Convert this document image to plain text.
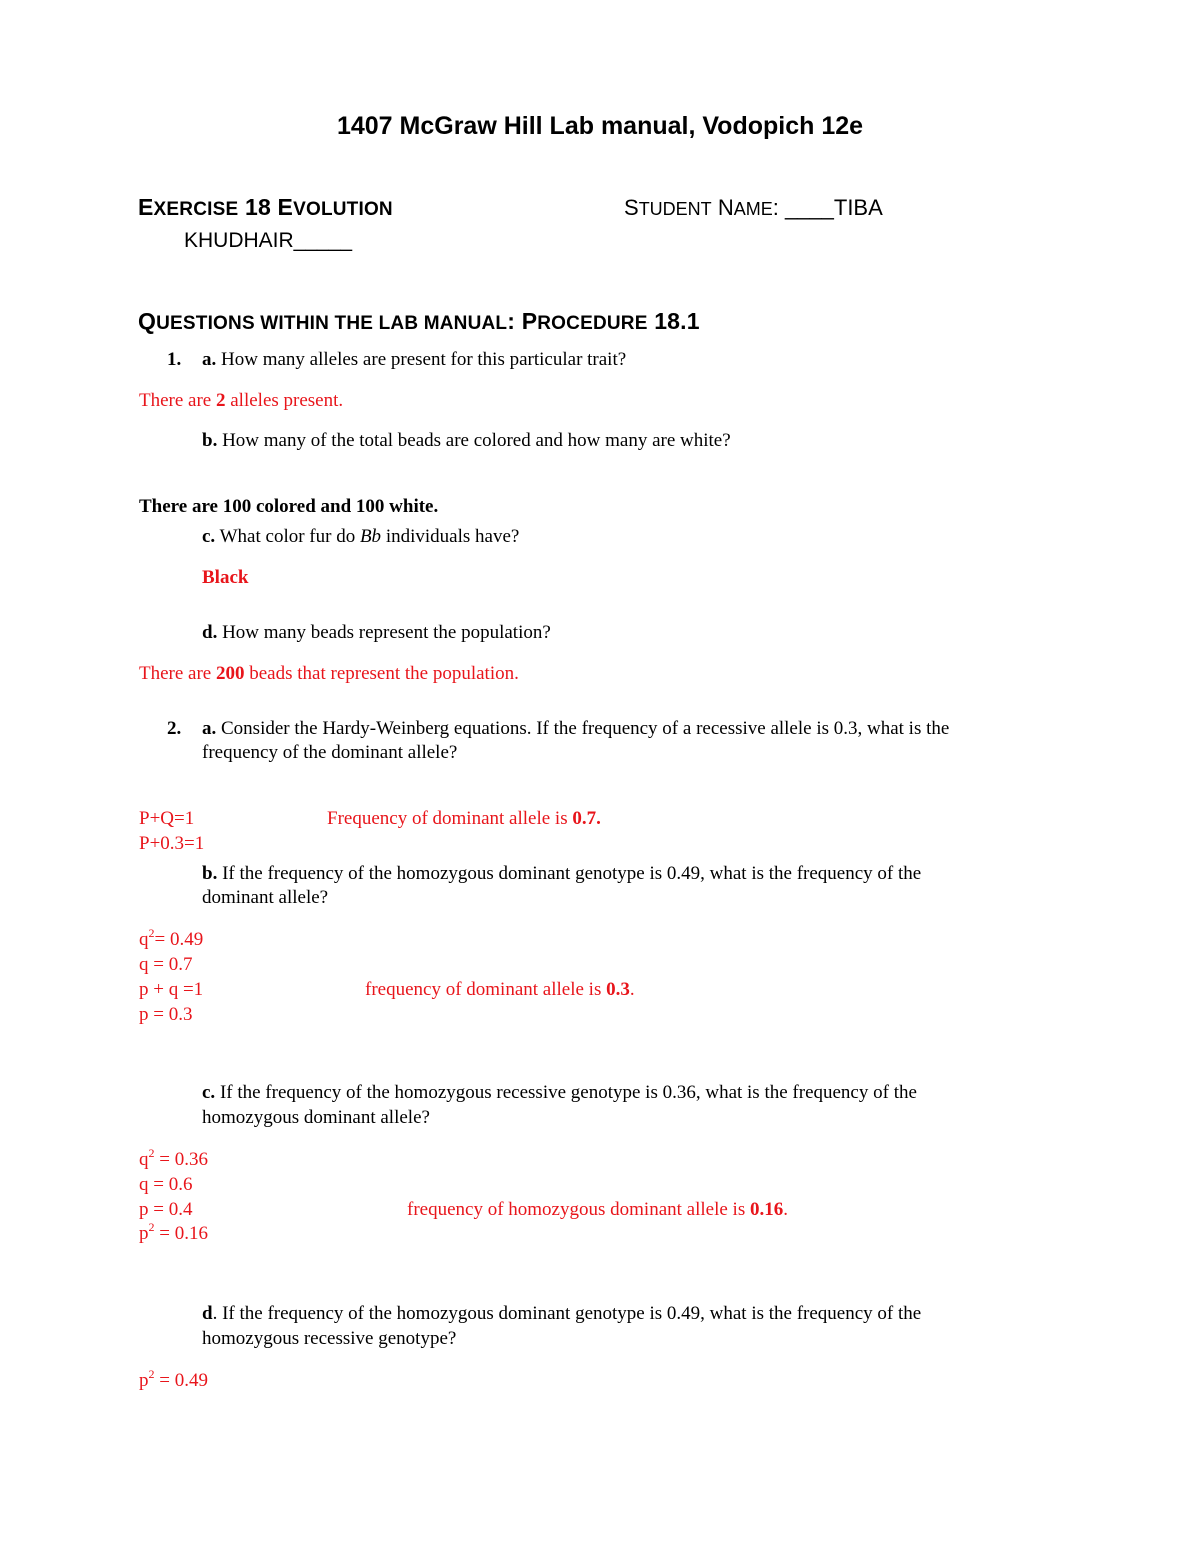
1407 McGraw Hill Lab manual, Vodopich 12e
EXERCISE 18 EVOLUTION	STUDENT NAME: ____TIBA
KHUDHAIR_____
QUESTIONS WITHIN THE LAB MANUAL: PROCEDURE 18.1
1. a. How many alleles are present for this particular trait?
There are 2 alleles present.
b. How many of the total beads are colored and how many are white?
There are 100 colored and 100 white.
c. What color fur do Bb individuals have?
Black
d. How many beads represent the population?
There are 200 beads that represent the population.
2. a. Consider the Hardy-Weinberg equations. If the frequency of a recessive allele is 0.3, what is the
frequency of the dominant allele?
P+Q=1
P+0.3=1
Frequency of dominant allele is 0.7.
b. If the frequency of the homozygous dominant genotype is 0.49, what is the frequency of the
dominant allele?
$q^2= 0.49$
q = 0.7
p + q =1
p = 0.3
frequency of dominant allele is 0.3.
c. If the frequency of the homozygous recessive genotype is 0.36, what is the frequency of the
homozygous dominant allele?
$q^2 = 0.36$
q = 0.6
p = 0.4
$p^2 = 0.16$
frequency of homozygous dominant allele is 0.16.
d. If the frequency of the homozygous dominant genotype is 0.49, what is the frequency of the
homozygous recessive genotype?
$p^2 = 0.49$
